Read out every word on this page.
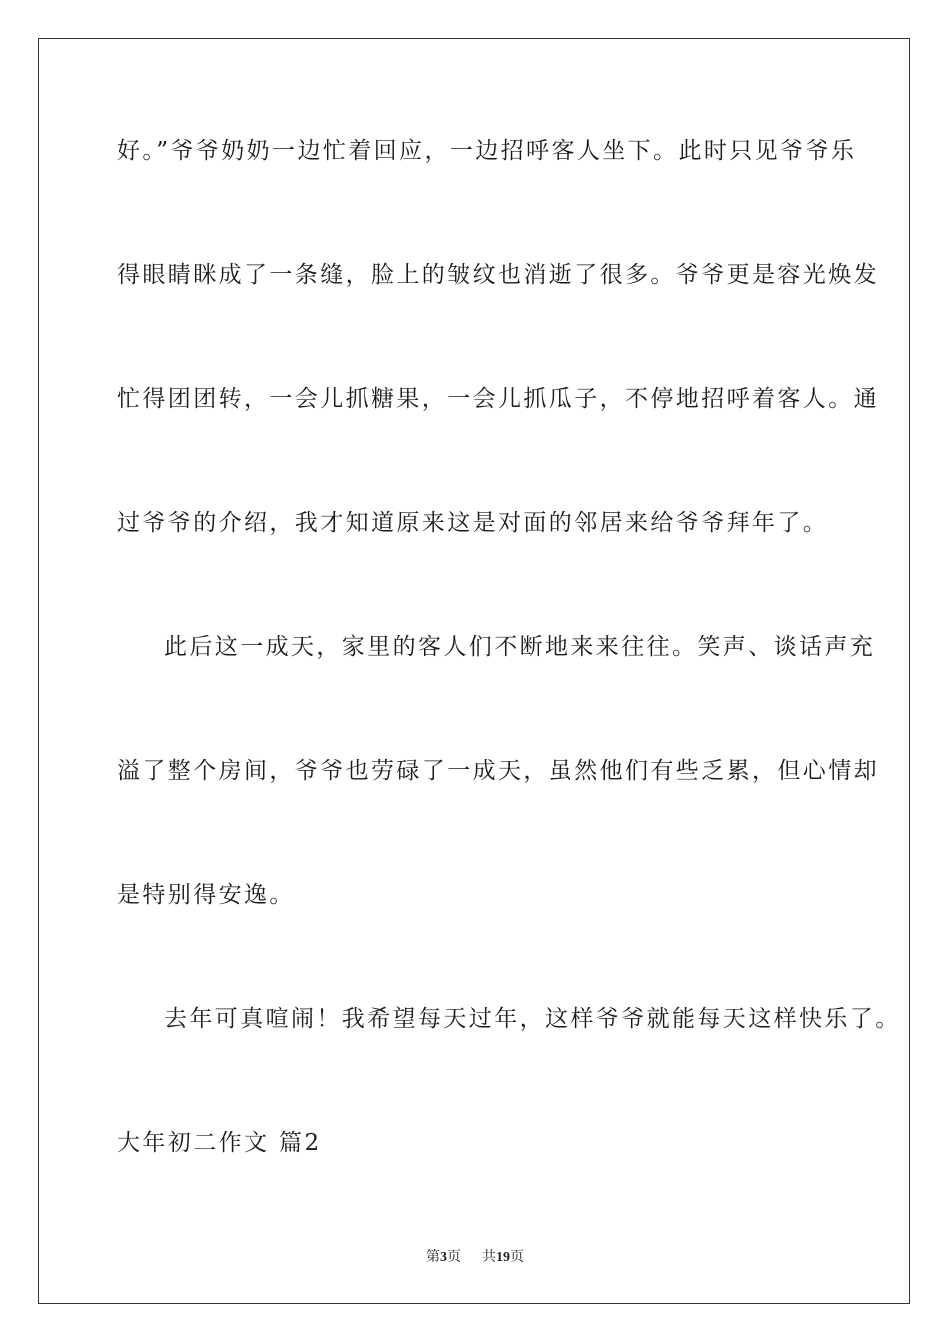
好。”爷爷奶奶一边忙着回应，一边招呼客人坐下。此时只见爷爷乐
得眼睛眯成了一条缝，脸上的皱纹也消逝了很多。爷爷更是容光焕发
忙得团团转，一会儿抓糖果，一会儿抓瓜子，不停地招呼着客人。通
过爷爷的介绍，我才知道原来这是对面的邻居来给爷爷拜年了。
此后这一成天，家里的客人们不断地来来往往。笑声、谈话声充
溢了整个房间，爷爷也劳碌了一成天，虽然他们有些乏累，但心情却
是特别得安逸。
去年可真喧闹！我希望每天过年，这样爷爷就能每天这样快乐了。
大年初二作文 篇2
第3页 共19页
